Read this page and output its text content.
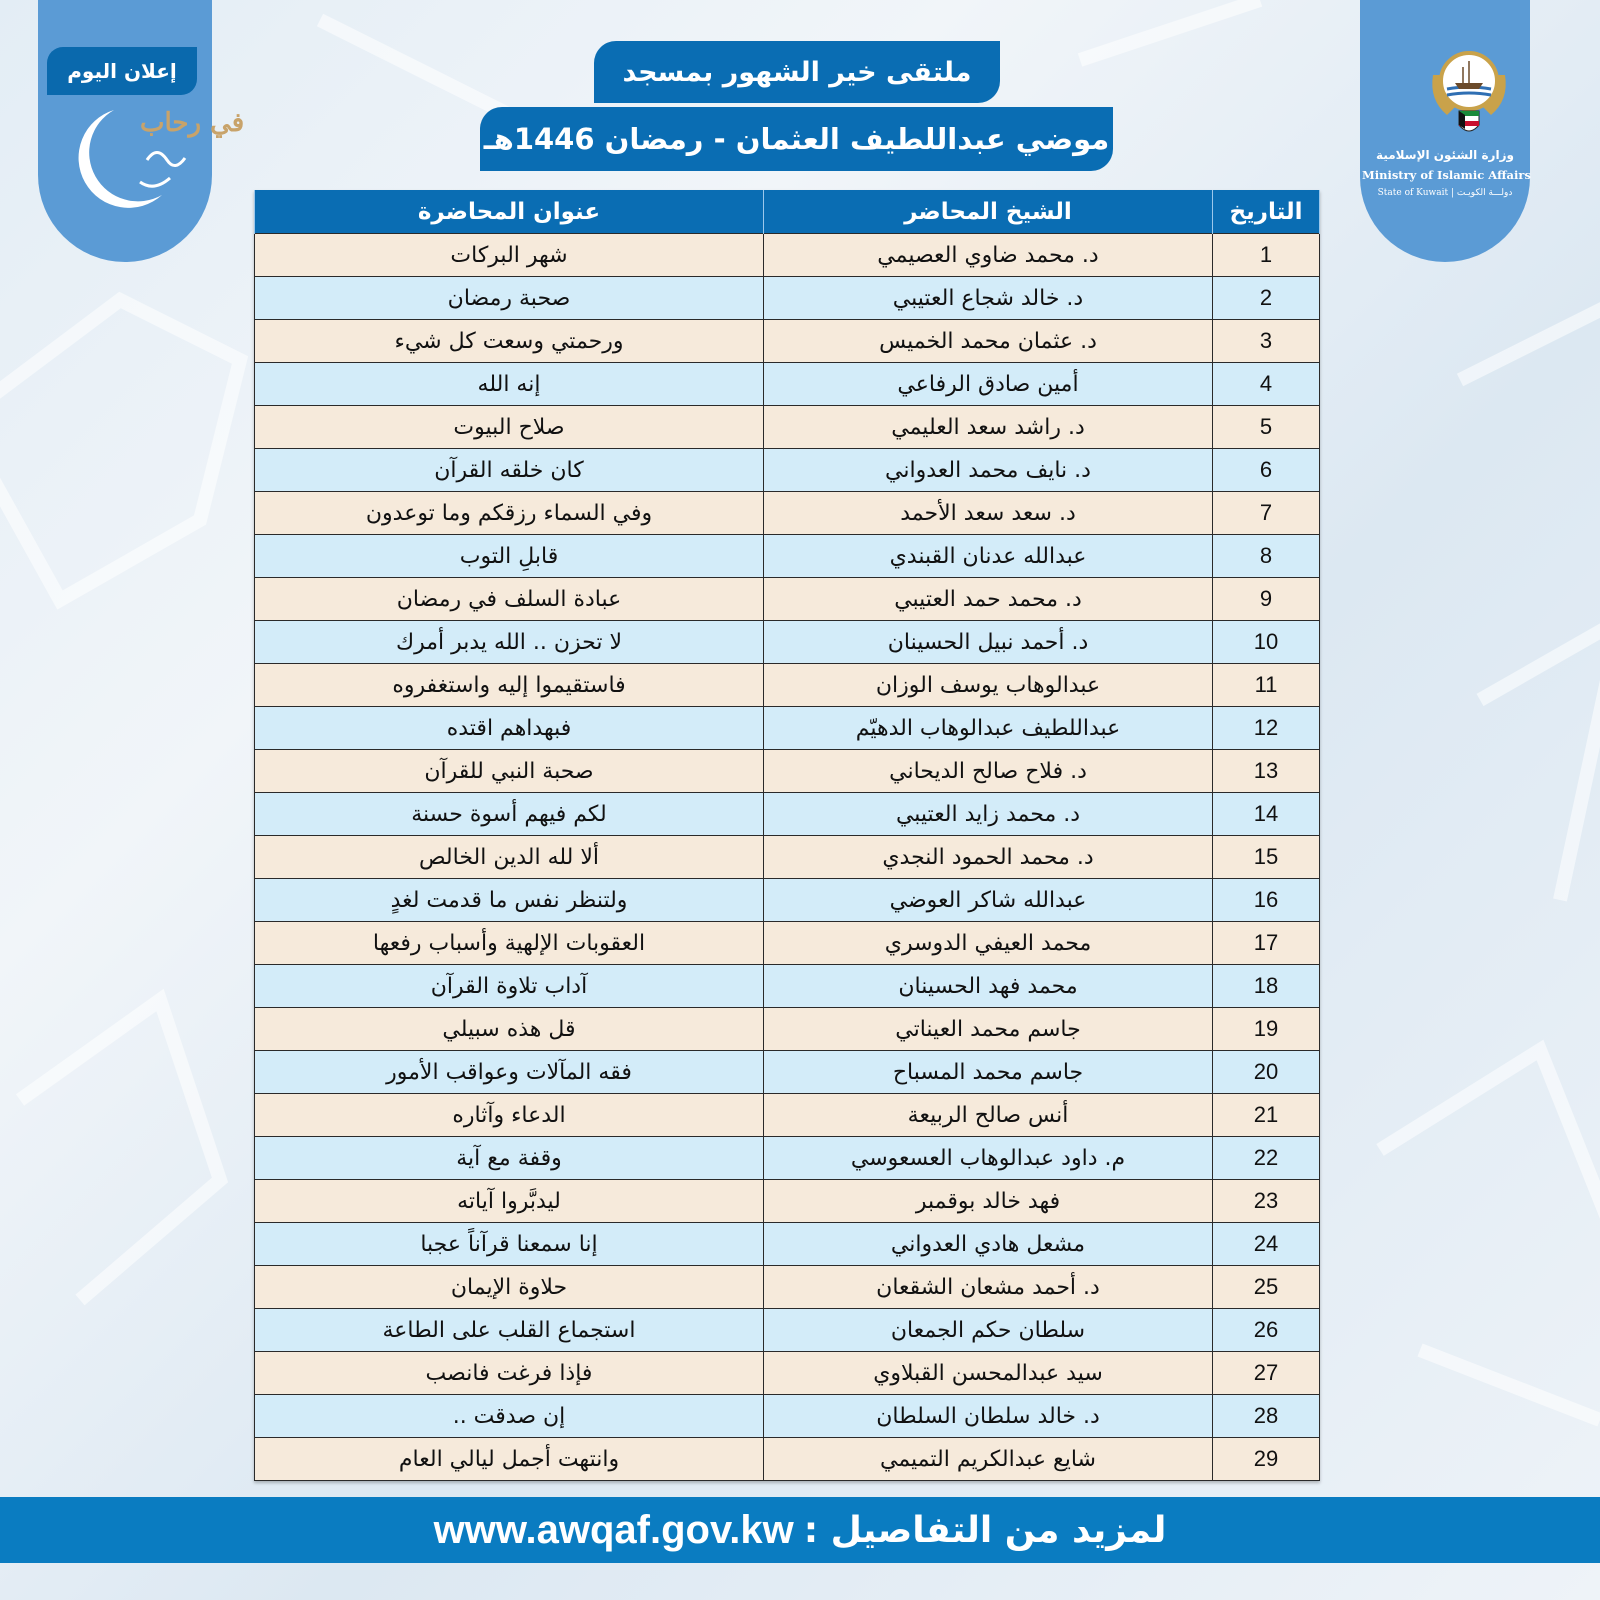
إعلان اليوم
في رحاب
وزارة الشئون الإسلامية
Ministry of Islamic Affairs
State of Kuwait | دولـــة الكويـت
ملتقى خير الشهور بمسجد
موضي عبداللطيف العثمان - رمضان 1446هـ
التاريخ	الشيخ المحاضر	عنوان المحاضرة
1	د. محمد ضاوي العصيمي	شهر البركات
2	د. خالد شجاع العتيبي	صحبة رمضان
3	د. عثمان محمد الخميس	ورحمتي وسعت كل شيء
4	أمين صادق الرفاعي	إنه الله
5	د. راشد سعد العليمي	صلاح البيوت
6	د. نايف محمد العدواني	كان خلقه القرآن
7	د. سعد سعد الأحمد	وفي السماء رزقكم وما توعدون
8	عبدالله عدنان القبندي	قابلِ التوب
9	د. محمد حمد العتيبي	عبادة السلف في رمضان
10	د. أحمد نبيل الحسينان	لا تحزن .. الله يدبر أمرك
11	عبدالوهاب يوسف الوزان	فاستقيموا إليه واستغفروه
12	عبداللطيف عبدالوهاب الدهيّم	فبهداهم اقتده
13	د. فلاح صالح الديحاني	صحبة النبي للقرآن
14	د. محمد زايد العتيبي	لكم فيهم أسوة حسنة
15	د. محمد الحمود النجدي	ألا لله الدين الخالص
16	عبدالله شاكر العوضي	ولتنظر نفس ما قدمت لغدٍ
17	محمد العيفي الدوسري	العقوبات الإلهية وأسباب رفعها
18	محمد فهد الحسينان	آداب تلاوة القرآن
19	جاسم محمد العيناتي	قل هذه سبيلي
20	جاسم محمد المسباح	فقه المآلات وعواقب الأمور
21	أنس صالح الربيعة	الدعاء وآثاره
22	م. داود عبدالوهاب العسعوسي	وقفة مع آية
23	فهد خالد بوقمبر	ليدبَّروا آياته
24	مشعل هادي العدواني	إنا سمعنا قرآناً عجبا
25	د. أحمد مشعان الشقعان	حلاوة الإيمان
26	سلطان حكم الجمعان	استجماع القلب على الطاعة
27	سيد عبدالمحسن القبلاوي	فإذا فرغت فانصب
28	د. خالد سلطان السلطان	إن صدقت ..
29	شايع عبدالكريم التميمي	وانتهت أجمل ليالي العام
لمزيد من التفاصيل :
www.awqaf.gov.kw
